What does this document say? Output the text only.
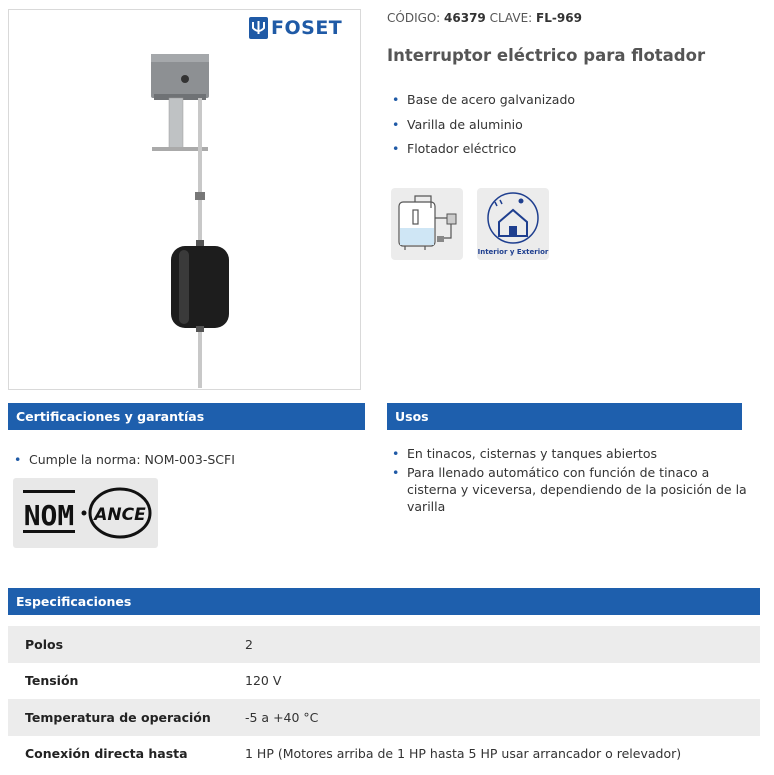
FOSET	CÓDIGO: 46379 CLAVE: FL-969
Interruptor eléctrico para flotador
• Base de acero galvanizado
• Varilla de aluminio
• Flotador eléctrico
Interior y Exterior
Certificaciones y garantías
• Cumple la norma: NOM-003-SCFI
NOM ANCE
Usos
• En tinacos, cisternas y tanques abiertos
• Para llenado automático con función de tinaco a cisterna y viceversa, dependiendo de la posición de la varilla
Especificaciones
Polos	2
Tensión	120 V
Temperatura de operación	-5 a +40 °C
Conexión directa hasta	1 HP (Motores arriba de 1 HP hasta 5 HP usar arrancador o relevador)
